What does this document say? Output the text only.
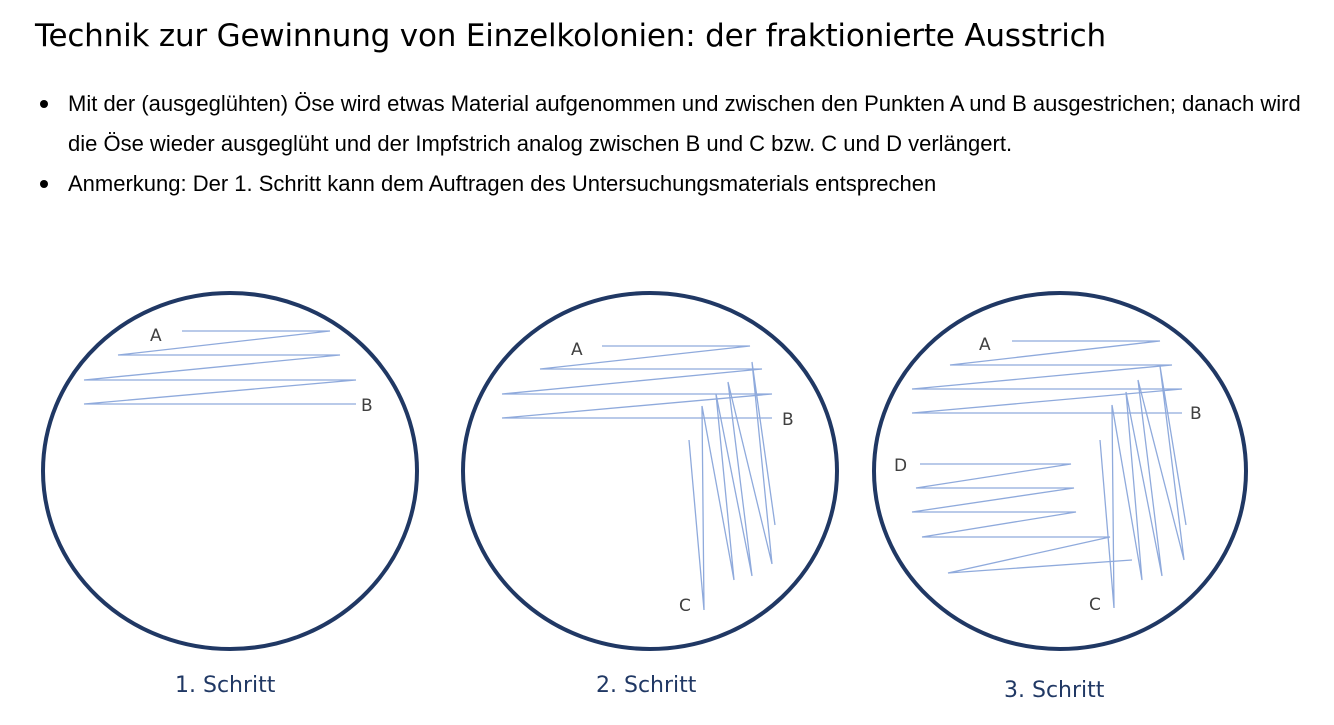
Technik zur Gewinnung von Einzelkolonien: der fraktionierte Ausstrich
Mit der (ausgeglühten) Öse wird etwas Material aufgenommen und zwischen den Punkten A und B ausgestrichen; danach wird die Öse wieder ausgeglüht und der Impfstrich analog zwischen B und C bzw. C und D verlängert.
Anmerkung: Der 1. Schritt kann dem Auftragen des Untersuchungsmaterials entsprechen
A
B
1. Schritt
A
B
C
2. Schritt
A
B
C
D
3. Schritt
